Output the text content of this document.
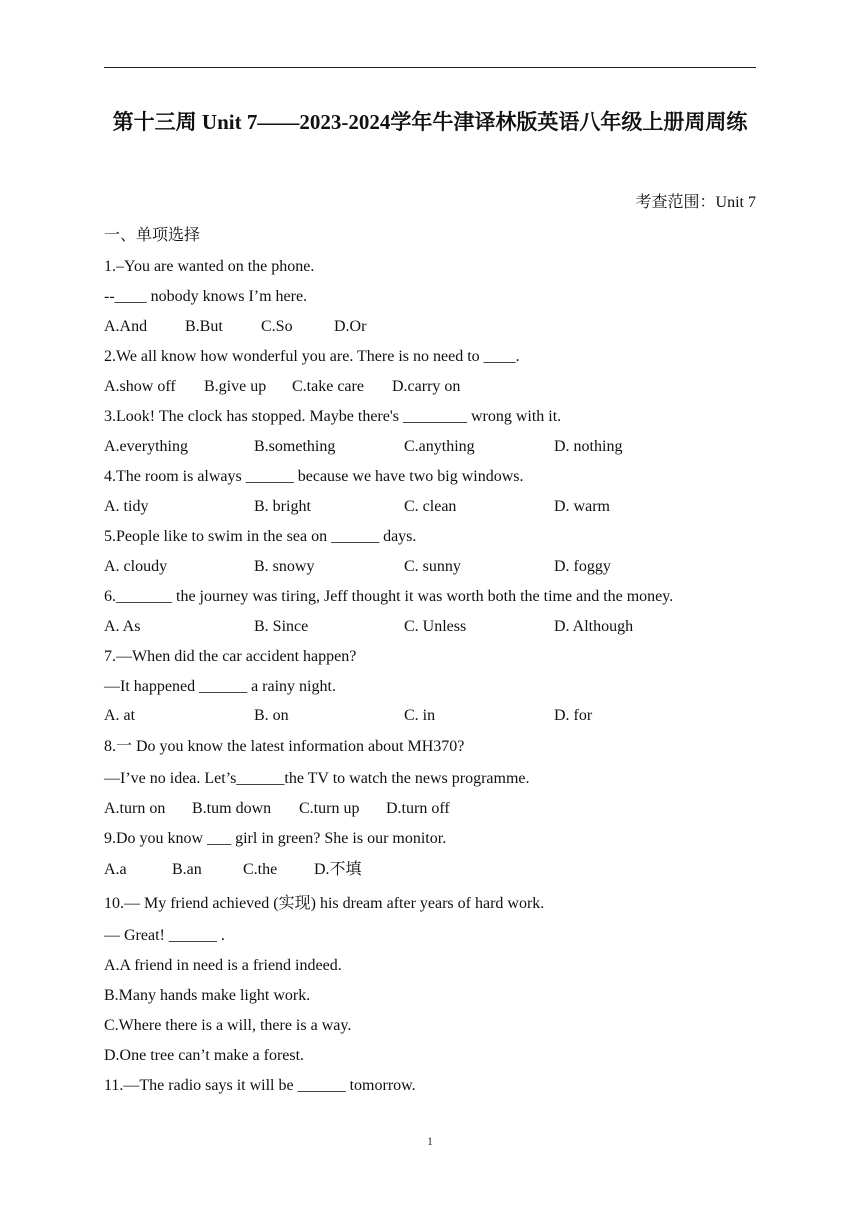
第十三周 Unit 7——2023-2024学年牛津译林版英语八年级上册周周练
考查范围：Unit 7
一、单项选择
1.–You are wanted on the phone.
--____ nobody knows I’m here.
A.And B.But C.So	D.Or
2.We all know how wonderful you are. There is no need to ____.
A.show off B.give up C.take care D.carry on
3.Look! The clock has stopped. Maybe there's ________ wrong with it.
A.everything	B.something	C.anything	D. nothing
4.The room is always ______ because we have two big windows.
A. tidy	B. bright	C. clean	D. warm
5.People like to swim in the sea on ______ days.
A. cloudy	B. snowy	C. sunny	D. foggy
6._______ the journey was tiring, Jeff thought it was worth both the time and the money.
A. As	B. Since	C. Unless	D. Although
7.—When did the car accident happen?
—It happened ______ a rainy night.
A. at	B. on	C. in	D. for
8.一 Do you know the latest information about MH370?
—I’ve no idea. Let’s______the TV to watch the news programme.
A.turn on B.tum down C.turn up D.turn off
9.Do you know ___ girl in green? She is our monitor.
A.a	B.an	C.the D.不填
10.— My friend achieved (实现) his dream after years of hard work.
— Great! ______ .
A.A friend in need is a friend indeed.
B.Many hands make light work.
C.Where there is a will, there is a way.
D.One tree can’t make a forest.
11.—The radio says it will be ______ tomorrow.
1
